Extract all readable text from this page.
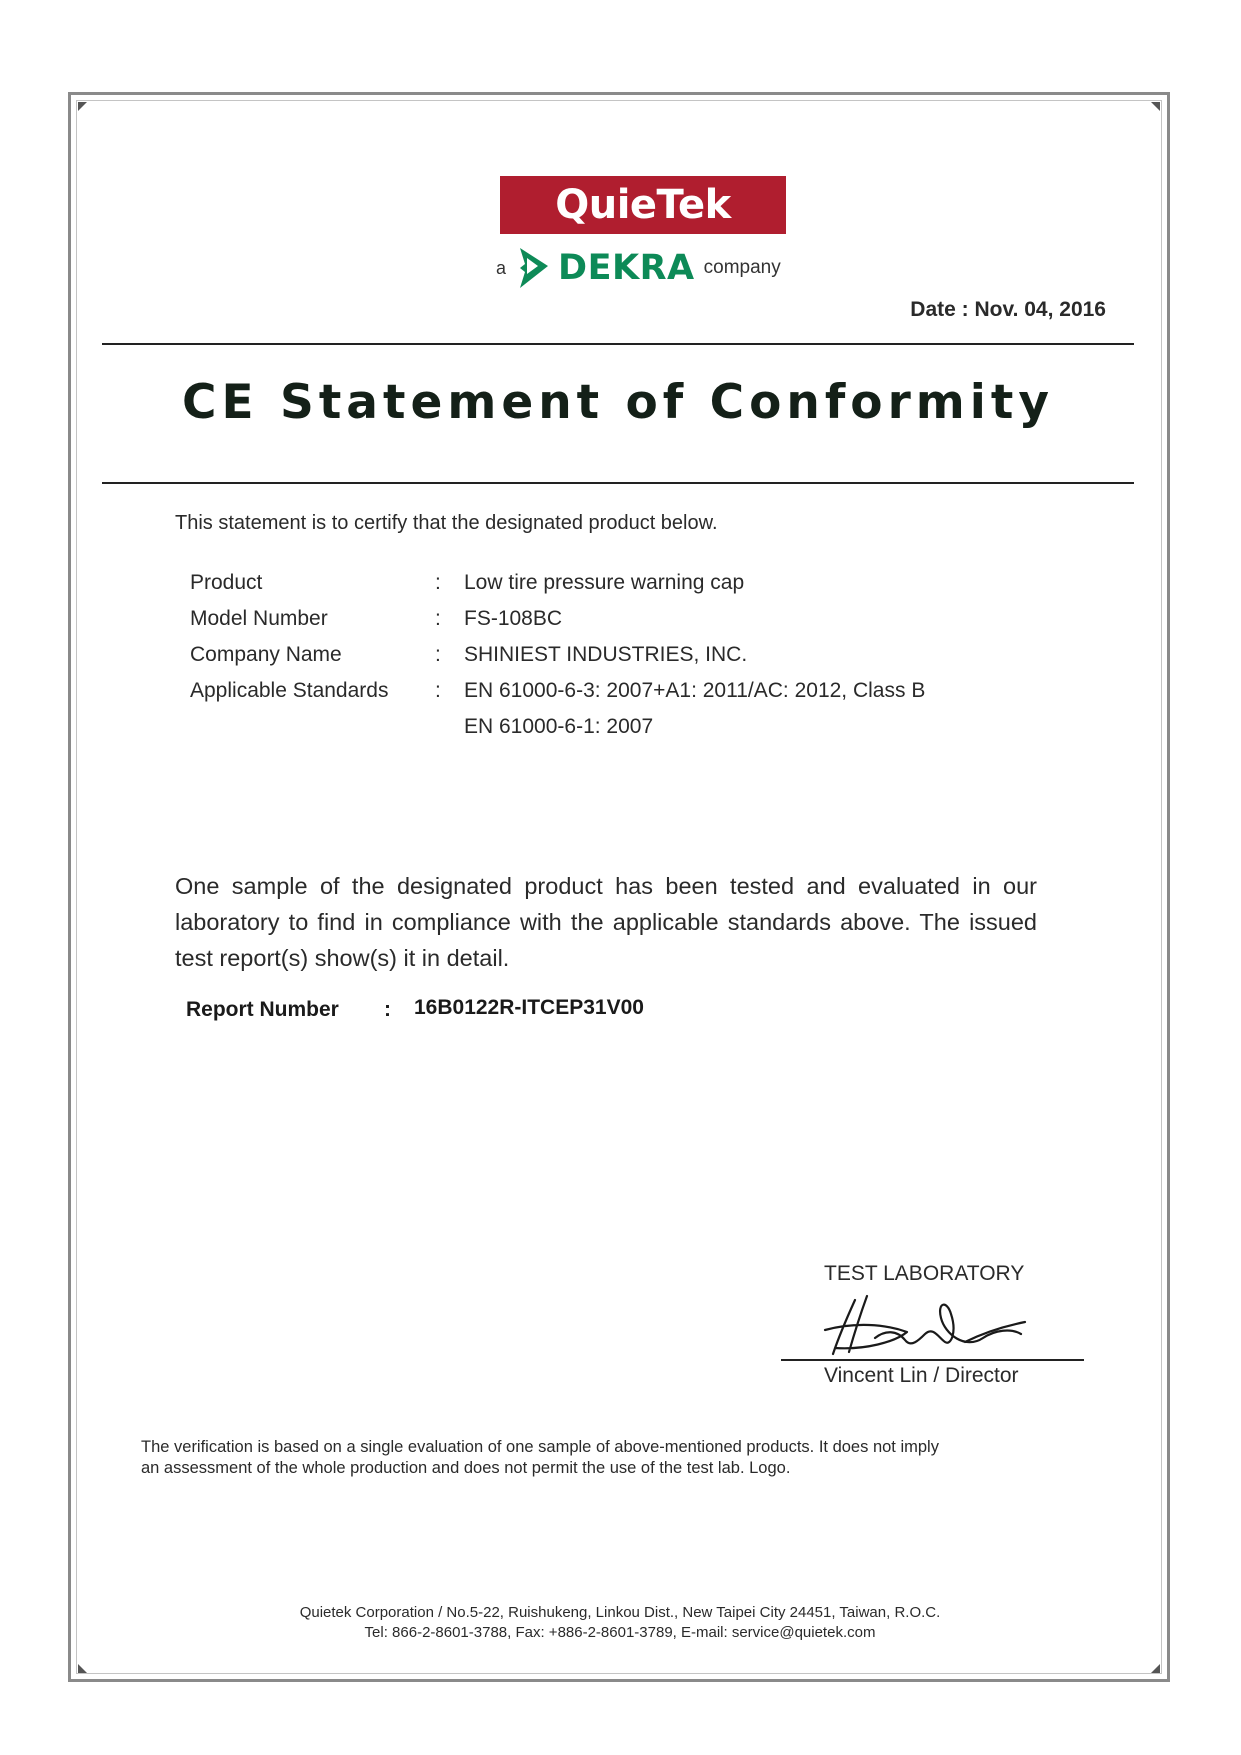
QuieTek
a DEKRA company
Date : Nov. 04, 2016
CE Statement of Conformity
This statement is to certify that the designated product below.
Product	: Low tire pressure warning cap
Model Number	: FS-108BC
Company Name	: SHINIEST INDUSTRIES, INC.
Applicable Standards : EN 61000-6-3: 2007+A1: 2011/AC: 2012, Class B
EN 61000-6-1: 2007
One sample of the designated product has been tested and evaluated in our laboratory to find in compliance with the applicable standards above. The issued test report(s) show(s) it in detail.
Report Number : 16B0122R-ITCEP31V00
TEST LABORATORY
Vincent Lin / Director
The verification is based on a single evaluation of one sample of above-mentioned products. It does not imply an assessment of the whole production and does not permit the use of the test lab. Logo.
Quietek Corporation / No.5-22, Ruishukeng, Linkou Dist., New Taipei City 24451, Taiwan, R.O.C.
Tel: 866-2-8601-3788, Fax: +886-2-8601-3789, E-mail: service@quietek.com
